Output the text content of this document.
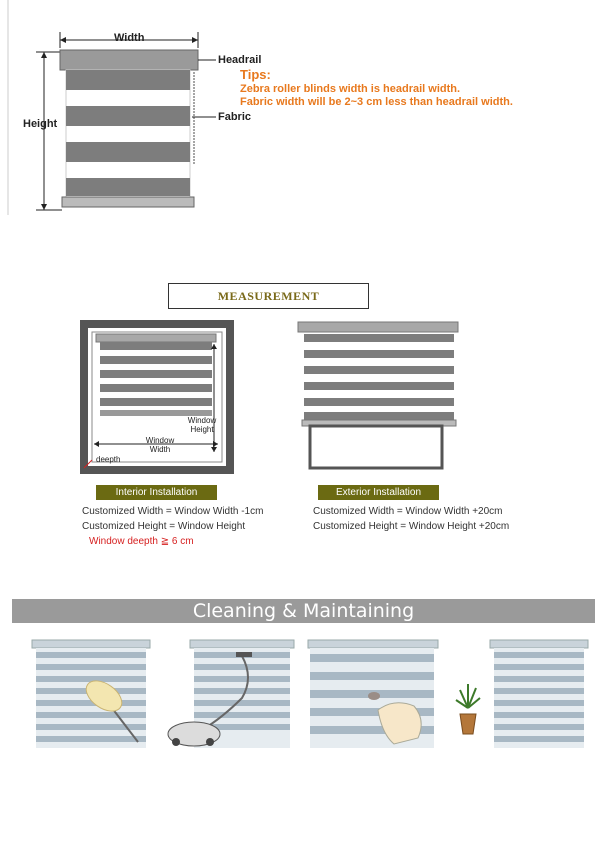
Width
Height
Headrail
Fabric
Tips:
Zebra roller blinds width is headrail width.
Fabric width will be 2~3 cm less than headrail width.
MEASUREMENT
Window
Height
Window
Width
deepth
Interior Installation	Exterior Installation
Customized Width = Window Width -1cm
Customized Height = Window Height
Window deepth ≧ 6 cm
Customized Width = Window Width +20cm
Customized Height = Window Height +20cm
Cleaning & Maintaining
